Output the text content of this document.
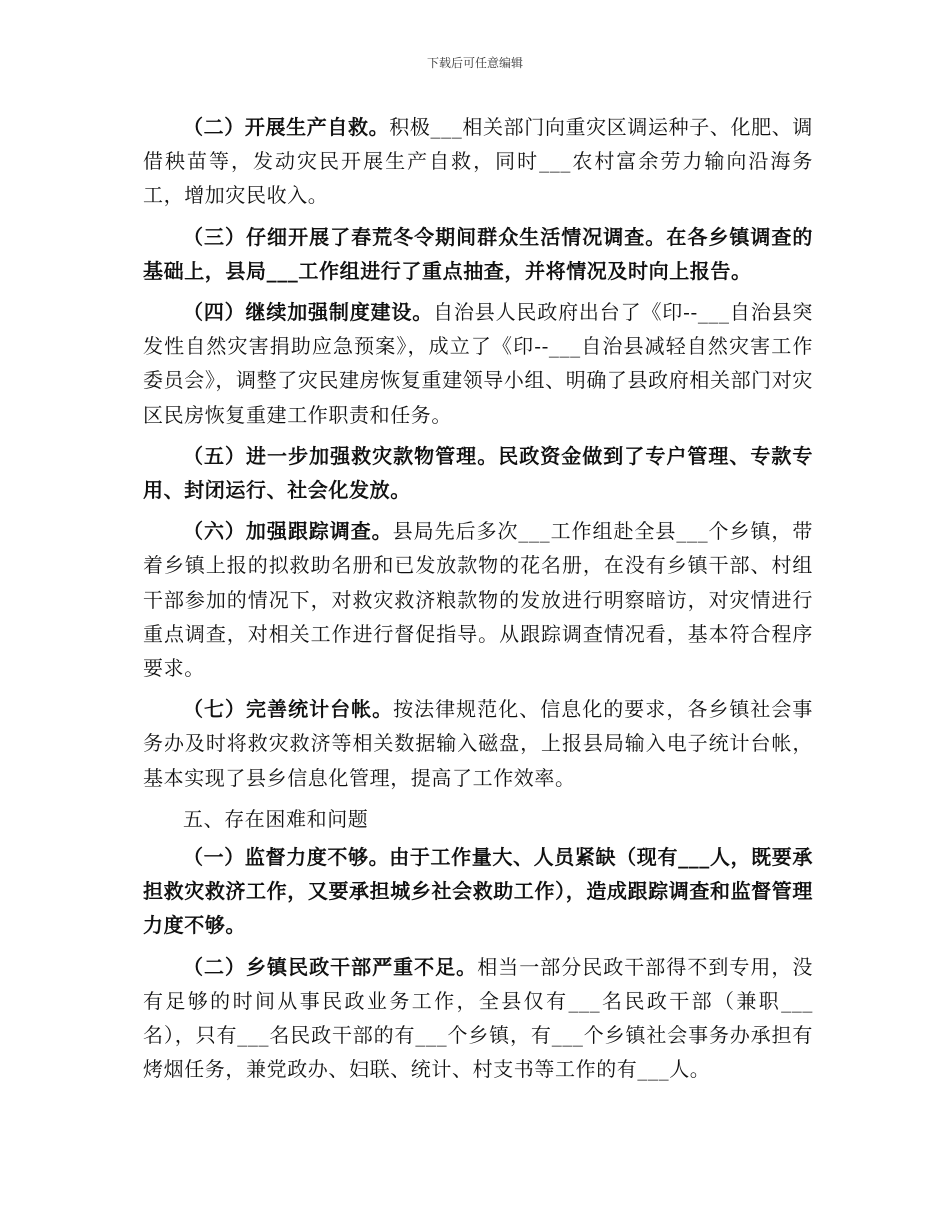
下载后可任意编辑

（二）开展生产自救。积极___相关部门向重灾区调运种子、化肥、调借秧苗等，发动灾民开展生产自救，同时___农村富余劳力输向沿海务工，增加灾民收入。

（三）仔细开展了春荒冬令期间群众生活情况调查。在各乡镇调查的基础上，县局___工作组进行了重点抽查，并将情况及时向上报告。

（四）继续加强制度建设。自治县人民政府出台了《印--___自治县突发性自然灾害捐助应急预案》，成立了《印--___自治县减轻自然灾害工作委员会》，调整了灾民建房恢复重建领导小组、明确了县政府相关部门对灾区民房恢复重建工作职责和任务。

（五）进一步加强救灾款物管理。民政资金做到了专户管理、专款专用、封闭运行、社会化发放。

（六）加强跟踪调查。县局先后多次___工作组赴全县___个乡镇，带着乡镇上报的拟救助名册和已发放款物的花名册，在没有乡镇干部、村组干部参加的情况下，对救灾救济粮款物的发放进行明察暗访，对灾情进行重点调查，对相关工作进行督促指导。从跟踪调查情况看，基本符合程序要求。

（七）完善统计台帐。按法律规范化、信息化的要求，各乡镇社会事务办及时将救灾救济等相关数据输入磁盘，上报县局输入电子统计台帐，基本实现了县乡信息化管理，提高了工作效率。

五、存在困难和问题

（一）监督力度不够。由于工作量大、人员紧缺（现有___人，既要承担救灾救济工作，又要承担城乡社会救助工作），造成跟踪调查和监督管理力度不够。

（二）乡镇民政干部严重不足。相当一部分民政干部得不到专用，没有足够的时间从事民政业务工作，全县仅有___名民政干部（兼职___名），只有___名民政干部的有___个乡镇，有___个乡镇社会事务办承担有烤烟任务，兼党政办、妇联、统计、村支书等工作的有___人。
